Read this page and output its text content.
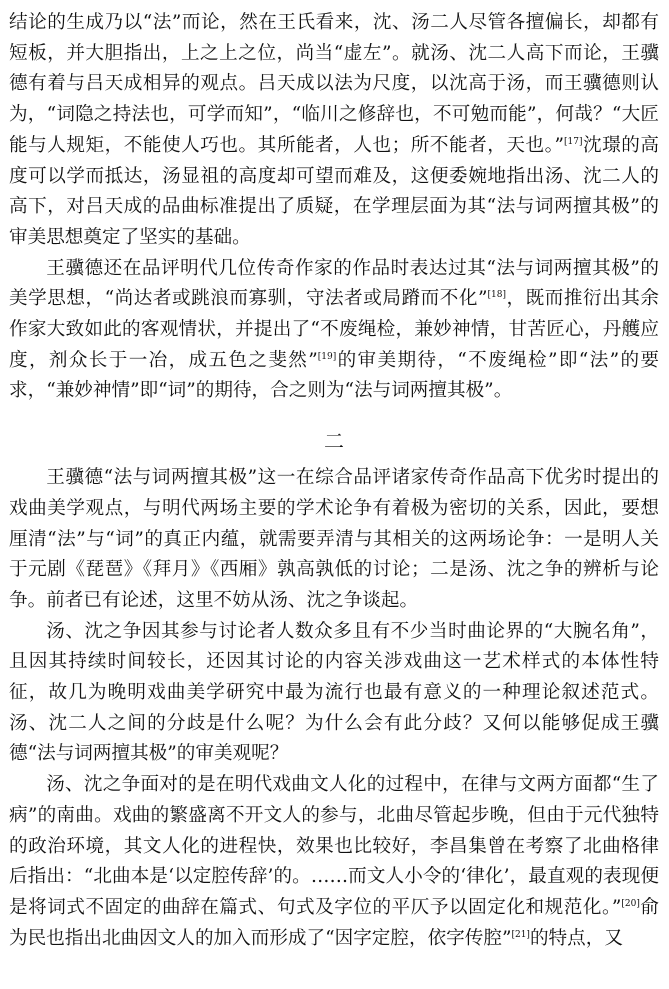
结论的生成乃以“法”而论，然在王氏看来，沈、汤二人尽管各擅偏长，却都有短板，并大胆指出，上之上之位，尚当“虚左”。就汤、沈二人高下而论，王骥德有着与吕天成相异的观点。吕天成以法为尺度，以沈高于汤，而王骥德则认为，“词隐之持法也，可学而知”，“临川之修辞也，不可勉而能”，何哉？“大匠能与人规矩，不能使人巧也。其所能者，人也；所不能者，天也。”[17]沈璟的高度可以学而抵达，汤显祖的高度却可望而难及，这便委婉地指出汤、沈二人的高下，对吕天成的品曲标准提出了质疑，在学理层面为其“法与词两擅其极”的审美思想奠定了坚实的基础。

王骥德还在品评明代几位传奇作家的作品时表达过其“法与词两擅其极”的美学思想，“尚达者或跳浪而寡驯，守法者或局蹐而不化”[18]，既而推衍出其余作家大致如此的客观情状，并提出了“不废绳检，兼妙神情，甘苦匠心，丹艧应度，剂众长于一冶，成五色之斐然”[19]的审美期待，“不废绳检”即“法”的要求，“兼妙神情”即“词”的期待，合之则为“法与词两擅其极”。

二

王骥德“法与词两擅其极”这一在综合品评诸家传奇作品高下优劣时提出的戏曲美学观点，与明代两场主要的学术论争有着极为密切的关系，因此，要想厘清“法”与“词”的真正内蕴，就需要弄清与其相关的这两场论争：一是明人关于元剧《琵琶》《拜月》《西厢》孰高孰低的讨论；二是汤、沈之争的辨析与论争。前者已有论述，这里不妨从汤、沈之争谈起。

汤、沈之争因其参与讨论者人数众多且有不少当时曲论界的“大腕名角”，且因其持续时间较长，还因其讨论的内容关涉戏曲这一艺术样式的本体性特征，故几为晚明戏曲美学研究中最为流行也最有意义的一种理论叙述范式。汤、沈二人之间的分歧是什么呢？为什么会有此分歧？又何以能够促成王骥德“法与词两擅其极”的审美观呢？

汤、沈之争面对的是在明代戏曲文人化的过程中，在律与文两方面都“生了病”的南曲。戏曲的繁盛离不开文人的参与，北曲尽管起步晚，但由于元代独特的政治环境，其文人化的进程快，效果也比较好，李昌集曾在考察了北曲格律后指出：“北曲本是‘以定腔传辞’的。……而文人小令的‘律化’，最直观的表现便是将词式不固定的曲辞在篇式、句式及字位的平仄予以固定化和规范化。”[20]俞为民也指出北曲因文人的加入而形成了“因字定腔，依字传腔”[21]的特点，又
